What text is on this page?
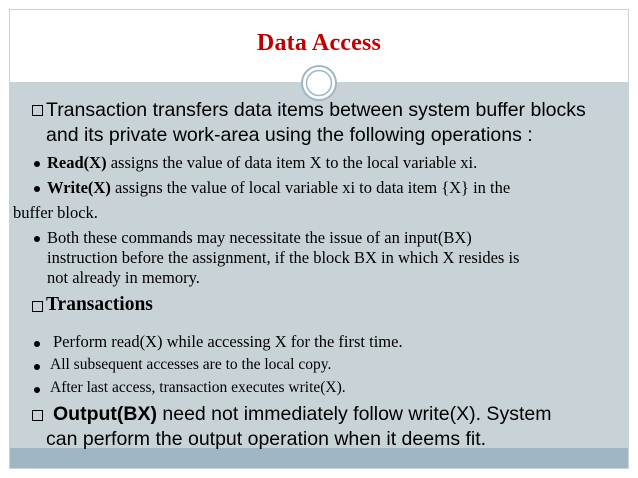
Data Access
Transaction transfers data items between system buffer blocks
and its private work-area using the following operations :
Read(X) assigns the value of data item X to the local variable xi.
Write(X) assigns the value of local variable xi to data item {X} in the
buffer block.
Both these commands may necessitate the issue of an input(BX)
instruction before the assignment, if the block BX in which X resides is
not already in memory.
Transactions
Perform read(X) while accessing X for the first time.
All subsequent accesses are to the local copy.
After last access, transaction executes write(X).
Output(BX) need not immediately follow write(X). System
can perform the output operation when it deems fit.
